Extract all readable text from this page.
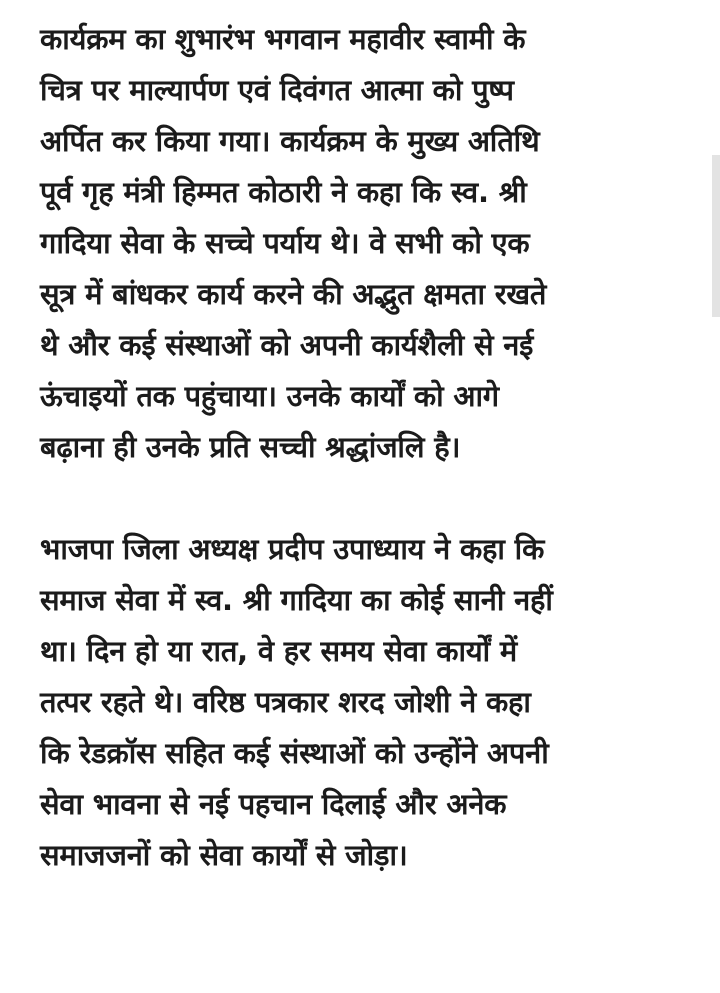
कार्यक्रम का शुभारंभ भगवान महावीर स्वामी के
चित्र पर माल्यार्पण एवं दिवंगत आत्मा को पुष्प
अर्पित कर किया गया। कार्यक्रम के मुख्य अतिथि
पूर्व गृह मंत्री हिम्मत कोठारी ने कहा कि स्व. श्री
गादिया सेवा के सच्चे पर्याय थे। वे सभी को एक
सूत्र में बांधकर कार्य करने की अद्भुत क्षमता रखते
थे और कई संस्थाओं को अपनी कार्यशैली से नई
ऊंचाइयों तक पहुंचाया। उनके कार्यों को आगे
बढ़ाना ही उनके प्रति सच्ची श्रद्धांजलि है।

भाजपा जिला अध्यक्ष प्रदीप उपाध्याय ने कहा कि
समाज सेवा में स्व. श्री गादिया का कोई सानी नहीं
था। दिन हो या रात, वे हर समय सेवा कार्यों में
तत्पर रहते थे। वरिष्ठ पत्रकार शरद जोशी ने कहा
कि रेडक्रॉस सहित कई संस्थाओं को उन्होंने अपनी
सेवा भावना से नई पहचान दिलाई और अनेक
समाजजनों को सेवा कार्यों से जोड़ा।
